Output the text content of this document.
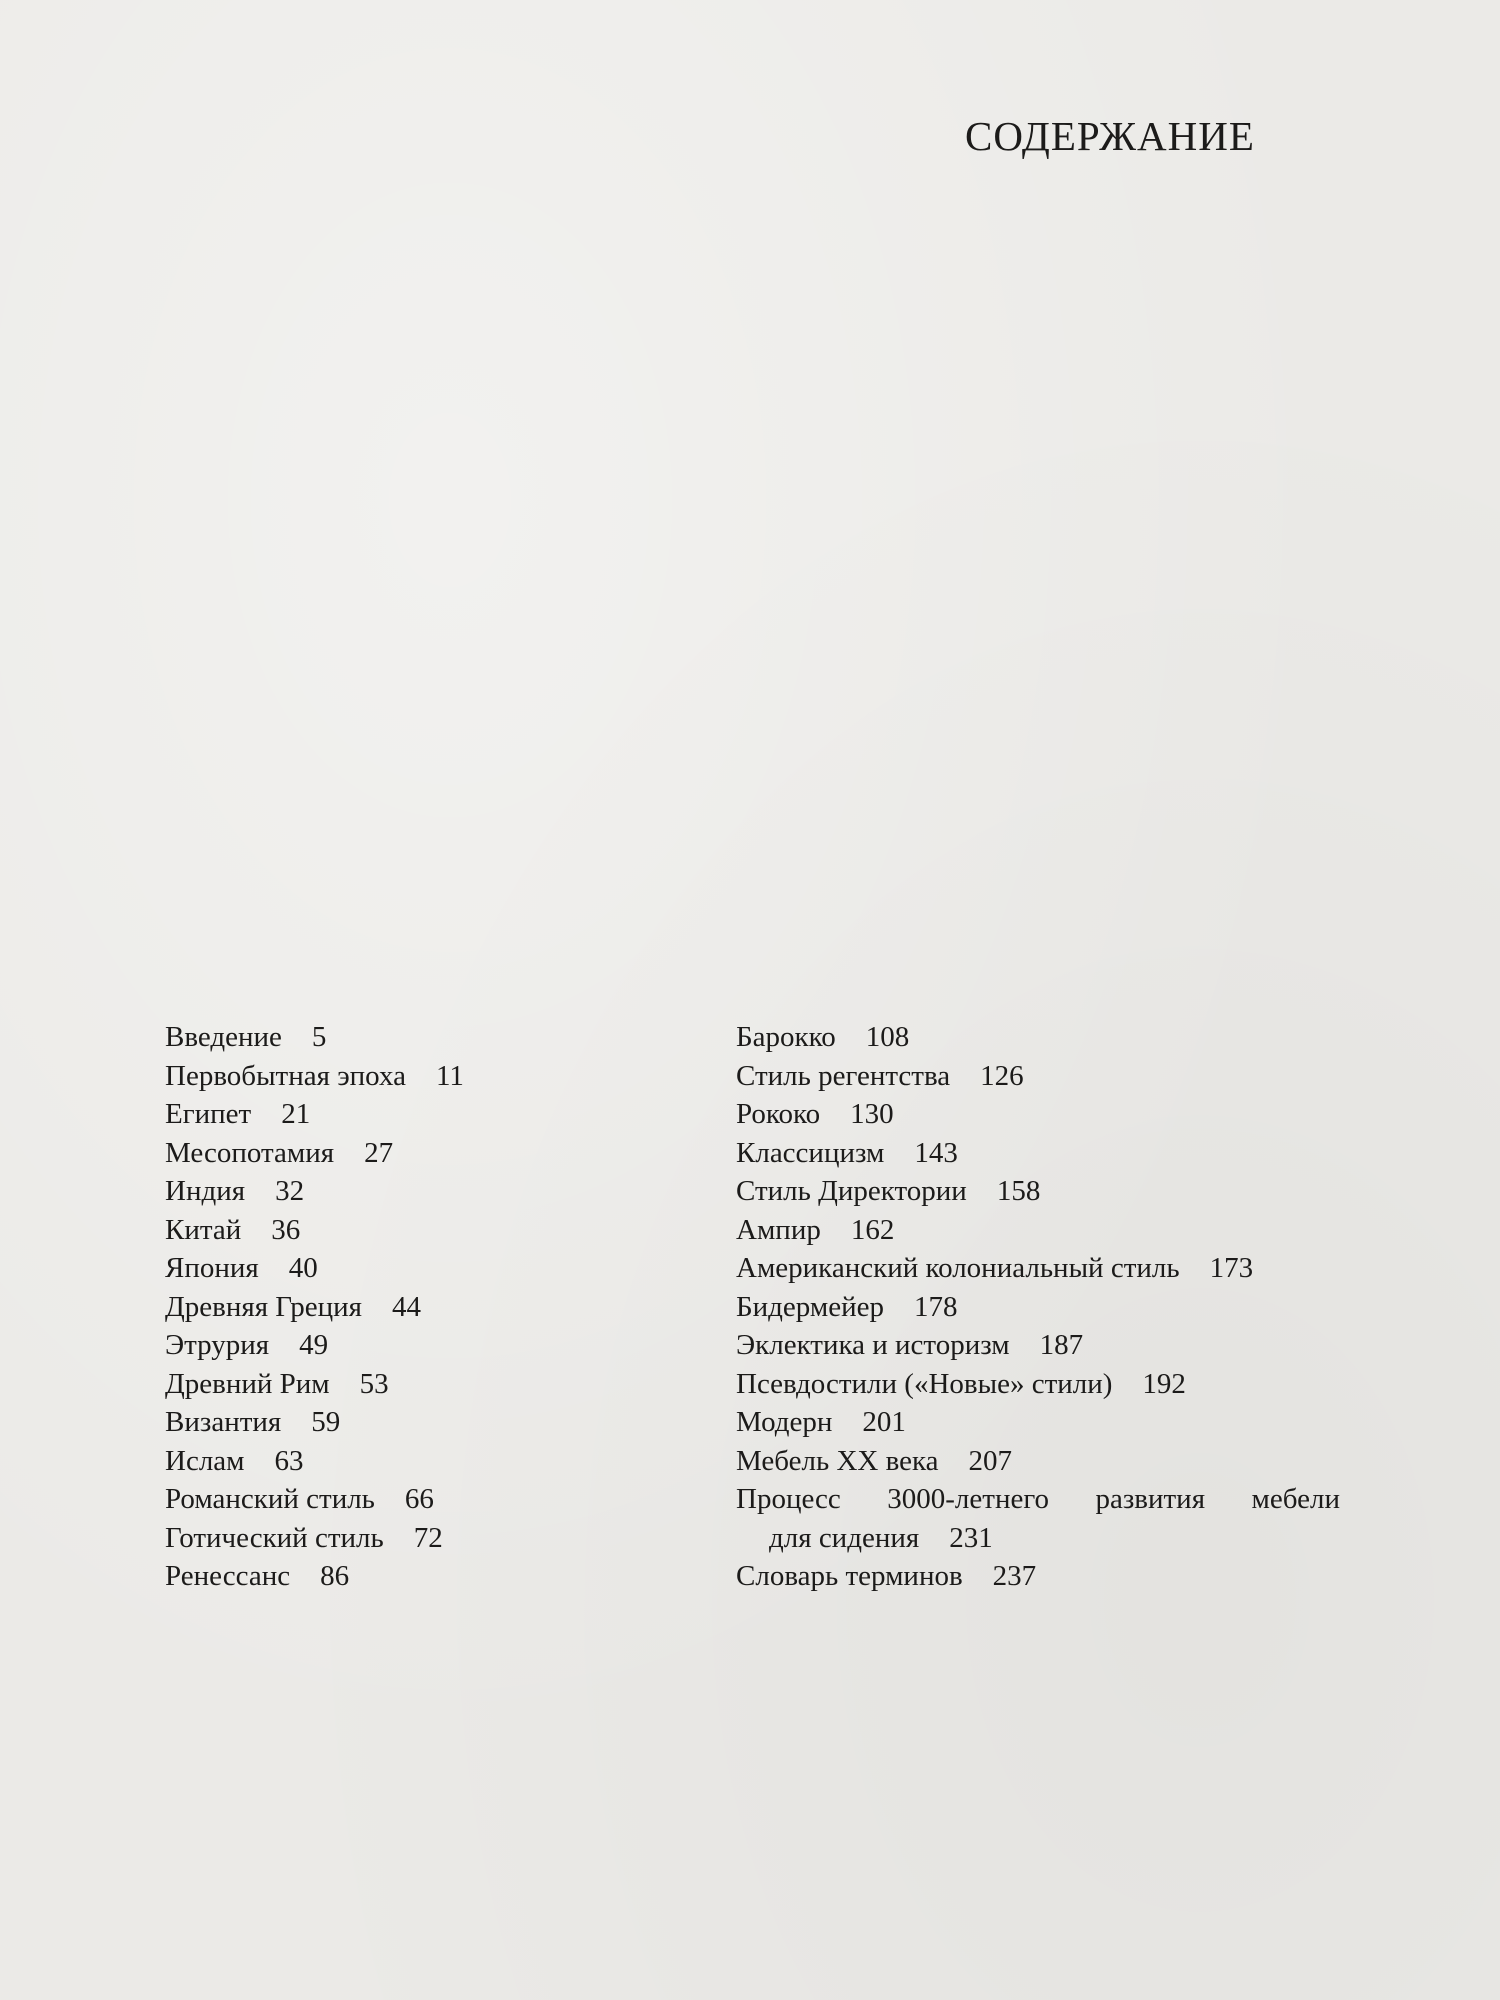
СОДЕРЖАНИЕ
Введение 5
Первобытная эпоха 11
Египет 21
Месопотамия 27
Индия 32
Китай 36
Япония 40
Древняя Греция 44
Этрурия 49
Древний Рим 53
Византия 59
Ислам 63
Романский стиль 66
Готический стиль 72
Ренессанс 86
Барокко 108
Стиль регентства 126
Рококо 130
Классицизм 143
Стиль Директории 158
Ампир 162
Американский колониальный стиль 173
Бидермейер 178
Эклектика и историзм 187
Псевдостили («Новые» стили) 192
Модерн 201
Мебель XX века 207
Процесс 3000-летнего развития мебели
для сидения 231
Словарь терминов 237
